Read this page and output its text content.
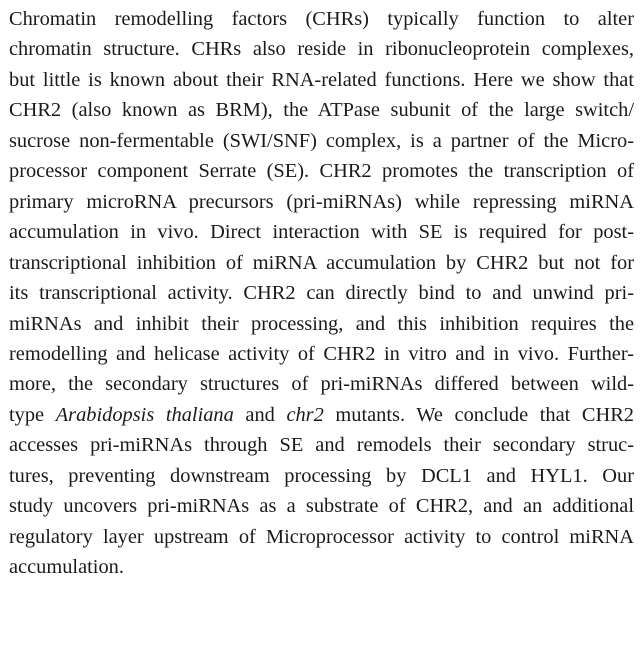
Chromatin remodelling factors (CHRs) typically function to alter
chromatin structure. CHRs also reside in ribonucleoprotein complexes,
but little is known about their RNA-related functions. Here we show that
CHR2 (also known as BRM), the ATPase subunit of the large switch/
sucrose non-fermentable (SWI/SNF) complex, is a partner of the Micro-
processor component Serrate (SE). CHR2 promotes the transcription of
primary microRNA precursors (pri-miRNAs) while repressing miRNA
accumulation in vivo. Direct interaction with SE is required for post-
transcriptional inhibition of miRNA accumulation by CHR2 but not for
its transcriptional activity. CHR2 can directly bind to and unwind pri-
miRNAs and inhibit their processing, and this inhibition requires the
remodelling and helicase activity of CHR2 in vitro and in vivo. Further-
more, the secondary structures of pri-miRNAs differed between wild-
type Arabidopsis thaliana and chr2 mutants. We conclude that CHR2
accesses pri-miRNAs through SE and remodels their secondary struc-
tures, preventing downstream processing by DCL1 and HYL1. Our
study uncovers pri-miRNAs as a substrate of CHR2, and an additional
regulatory layer upstream of Microprocessor activity to control miRNA
accumulation.
